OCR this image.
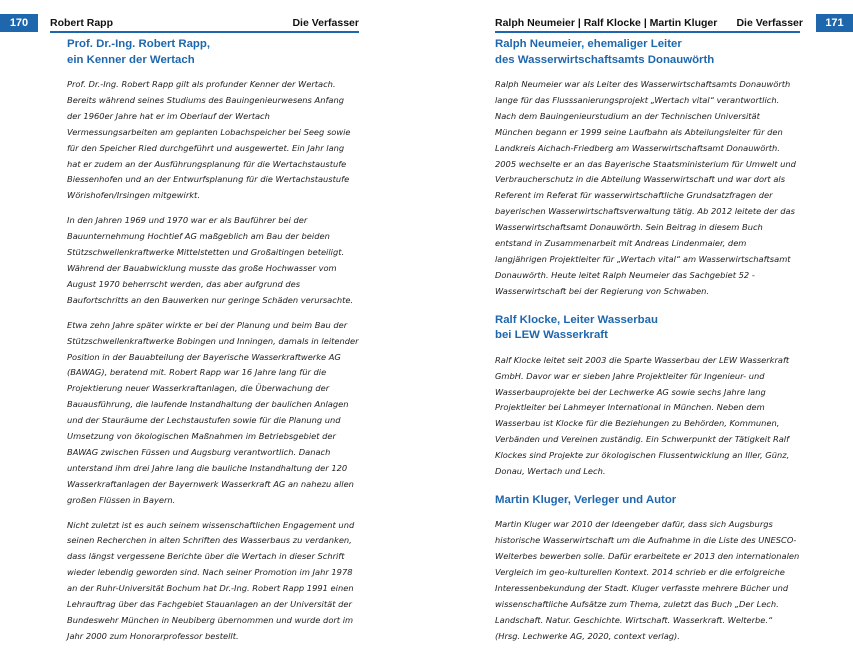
170	Robert Rapp	Die Verfasser
Prof. Dr.-Ing. Robert Rapp,
ein Kenner der Wertach

Prof. Dr.-Ing. Robert Rapp gilt als profunder Kenner der Wertach. Bereits während seines Studiums des Bauingenieurwesens Anfang der 1960er Jahre hat er im Oberlauf der Wertach Vermessungsarbeiten am geplanten Lobachspeicher bei Seeg sowie für den Speicher Ried durchgeführt und ausgewertet. Ein Jahr lang hat er zudem an der Ausführungsplanung für die Wertachstaustufe Biessenhofen und an der Entwurfsplanung für die Wertachstaustufe Wörishofen/Irsingen mitgewirkt.

In den Jahren 1969 und 1970 war er als Bauführer bei der Bauunternehmung Hochtief AG maßgeblich am Bau der beiden Stützschwellenkraftwerke Mittelstetten und Großaitingen beteiligt. Während der Bauabwicklung musste das große Hochwasser vom August 1970 beherrscht werden, das aber aufgrund des Baufortschritts an den Bauwerken nur geringe Schäden verursachte.

Etwa zehn Jahre später wirkte er bei der Planung und beim Bau der Stützschwellenkraftwerke Bobingen und Inningen, damals in leitender Position in der Bauabteilung der Bayerische Wasserkraftwerke AG (BAWAG), beratend mit. Robert Rapp war 16 Jahre lang für die Projektierung neuer Wasserkraftanlagen, die Überwachung der Bauausführung, die laufende Instandhaltung der baulichen Anlagen und der Stauräume der Lechstaustufen sowie für die Planung und Umsetzung von ökologischen Maßnahmen im Betriebsgebiet der BAWAG zwischen Füssen und Augsburg verantwortlich. Danach unterstand ihm drei Jahre lang die bauliche Instandhaltung der 120 Wasserkraftanlagen der Bayernwerk Wasserkraft AG an nahezu allen großen Flüssen in Bayern.

Nicht zuletzt ist es auch seinem wissenschaftlichen Engagement und seinen Recherchen in alten Schriften des Wasserbaus zu verdanken, dass längst vergessene Berichte über die Wertach in dieser Schrift wieder lebendig geworden sind. Nach seiner Promotion im Jahr 1978 an der Ruhr-Universität Bochum hat Dr.-Ing. Robert Rapp 1991 einen Lehrauftrag über das Fachgebiet Stauanlagen an der Universität der Bundeswehr München in Neubiberg übernommen und wurde dort im Jahr 2000 zum Honorarprofessor bestellt.

Ralph Neumeier | Ralf Klocke | Martin Kluger Die Verfasser	171
Ralph Neumeier, ehemaliger Leiter
des Wasserwirtschaftsamts Donauwörth

Ralph Neumeier war als Leiter des Wasserwirtschaftsamts Donauwörth lange für das Flusssanierungsprojekt „Wertach vital“ verantwortlich. Nach dem Bauingenieurstudium an der Technischen Universität München begann er 1999 seine Laufbahn als Abteilungsleiter für den Landkreis Aichach-Friedberg am Wasserwirtschaftsamt Donauwörth. 2005 wechselte er an das Bayerische Staatsministerium für Umwelt und Verbraucherschutz in die Abteilung Wasserwirtschaft und war dort als Referent im Referat für wasserwirtschaftliche Grundsatzfragen der bayerischen Wasserwirtschaftsverwaltung tätig. Ab 2012 leitete der das Wasserwirtschaftsamt Donauwörth. Sein Beitrag in diesem Buch entstand in Zusammenarbeit mit Andreas Lindenmaier, dem langjährigen Projektleiter für „Wertach vital“ am Wasserwirtschaftsamt Donauwörth. Heute leitet Ralph Neumeier das Sachgebiet 52 - Wasserwirtschaft bei der Regierung von Schwaben.

Ralf Klocke, Leiter Wasserbau
bei LEW Wasserkraft

Ralf Klocke leitet seit 2003 die Sparte Wasserbau der LEW Wasserkraft GmbH. Davor war er sieben Jahre Projektleiter für Ingenieur- und Wasserbauprojekte bei der Lechwerke AG sowie sechs Jahre lang Projektleiter bei Lahmeyer International in München. Neben dem Wasserbau ist Klocke für die Beziehungen zu Behörden, Kommunen, Verbänden und Vereinen zuständig. Ein Schwerpunkt der Tätigkeit Ralf Klockes sind Projekte zur ökologischen Flussentwicklung an Iller, Günz, Donau, Wertach und Lech.

Martin Kluger, Verleger und Autor

Martin Kluger war 2010 der Ideengeber dafür, dass sich Augsburgs historische Wasserwirtschaft um die Aufnahme in die Liste des UNESCO-Welterbes bewerben solle. Dafür erarbeitete er 2013 den internationalen Vergleich im geo-kulturellen Kontext. 2014 schrieb er die erfolgreiche Interessenbekundung der Stadt. Kluger verfasste mehrere Bücher und wissenschaftliche Aufsätze zum Thema, zuletzt das Buch „Der Lech. Landschaft. Natur. Geschichte. Wirtschaft. Wasserkraft. Welterbe.“ (Hrsg. Lechwerke AG, 2020, context verlag).
